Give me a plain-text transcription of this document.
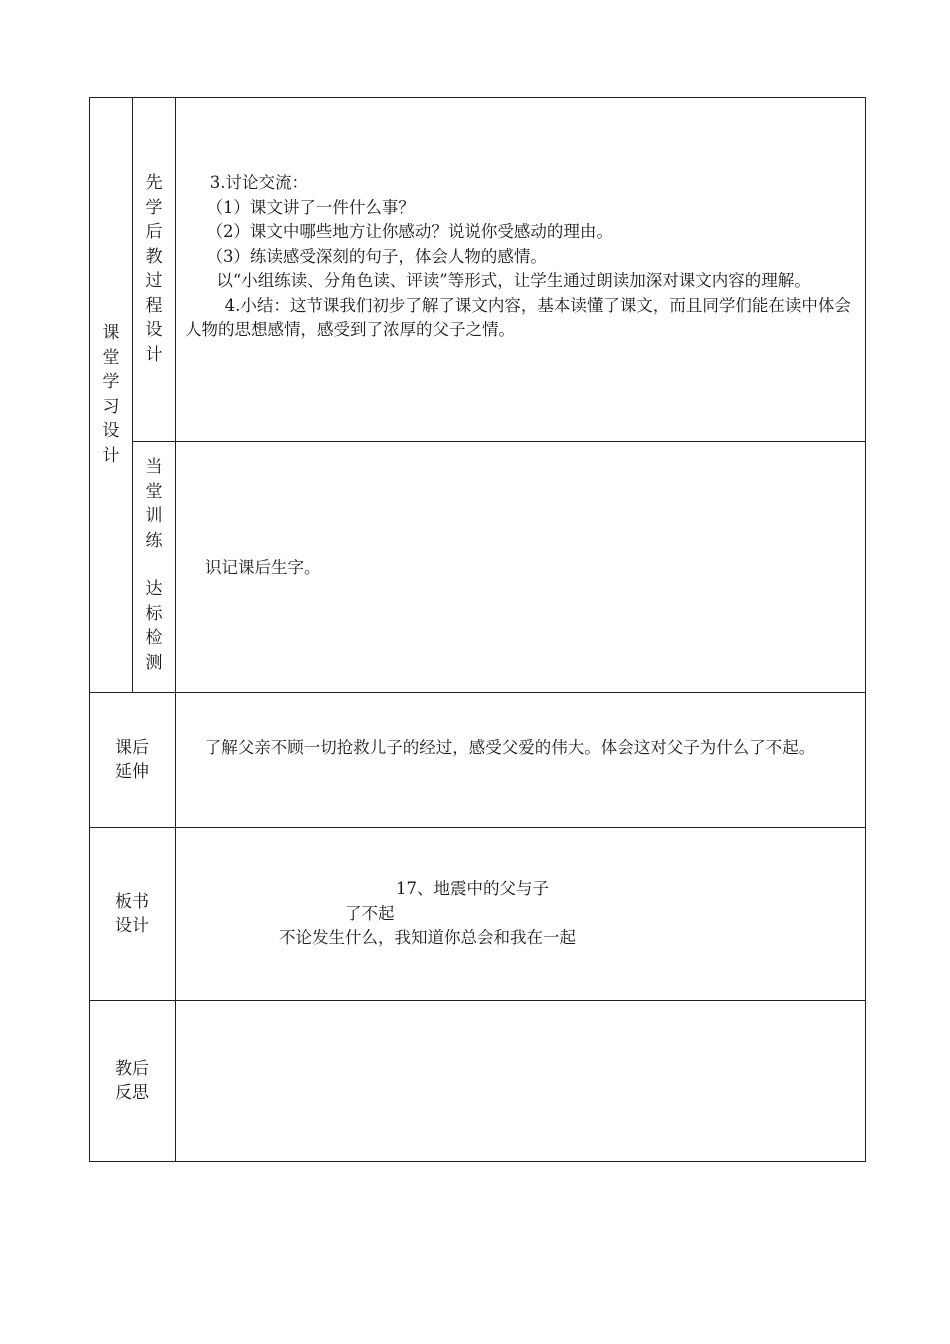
课
堂
学
习
设
计
先
学
后
教
过
程
设
计

3.讨论交流：

（1）课文讲了一件什么事？

（2）课文中哪些地方让你感动？说说你受感动的理由。

（3）练读感受深刻的句子，体会人物的感情。

以“小组练读、分角色读、评读”等形式，让学生通过朗读加深对课文内容的理解。

4.小结：这节课我们初步了解了课文内容，基本读懂了课文，而且同学们能在读中体会人物的思想感情，感受到了浓厚的父子之情。

当
堂
训
练
达
标
检
测

识记课后生字。

课后
延伸

了解父亲不顾一切抢救儿子的经过，感受父爱的伟大。体会这对父子为什么了不起。

板书
设计

17、地震中的父与子

了不起

不论发生什么，我知道你总会和我在一起

教后
反思
